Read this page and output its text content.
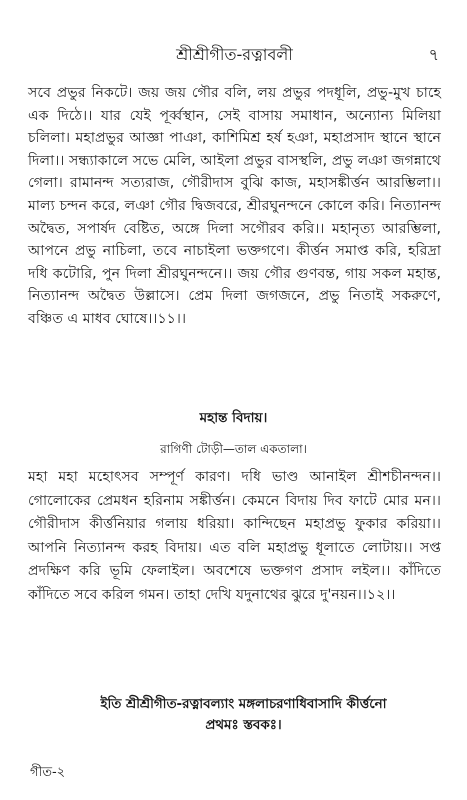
শ্রীশ্রীগীত-রত্নাবলী	৭
সবে প্রভুর নিকটে। জয় জয় গৌর বলি, লয় প্রভুর পদধূলি, প্রভু-মুখ চাহে এক দিঠে।। যার যেই পূর্ব্বস্থান, সেই বাসায় সমাধান, অন্যোন্য মিলিয়া চলিলা। মহাপ্রভুর আজ্ঞা পাঞা, কাশিমিশ্র হর্ষ হঞা, মহাপ্রসাদ স্থানে স্থানে দিলা।। সন্ধ্যাকালে সভে মেলি, আইলা প্রভুর বাসস্থলি, প্রভু লঞা জগন্নাথে গেলা। রামানন্দ সত্যরাজ, গৌরীদাস বুঝি কাজ, মহাসঙ্কীর্ত্তন আরম্ভিলা।। মাল্য চন্দন করে, লঞা গৌর দ্বিজবরে, শ্রীরঘুনন্দনে কোলে করি। নিত্যানন্দ অদ্বৈত, সপার্ষদ বেষ্টিত, অঙ্গে দিলা সগৌরব করি।। মহানৃত্য আরম্ভিলা, আপনে প্রভু নাচিলা, তবে নাচাইলা ভক্তগণে। কীর্ত্তন সমাপ্ত করি, হরিদ্রা দধি কটোরি, পুন দিলা শ্রীরঘুনন্দনে।। জয় গৌর গুণবন্ত, গায় সকল মহান্ত, নিত্যানন্দ অদ্বৈত উল্লাসে। প্রেম দিলা জগজনে, প্রভু নিতাই সকরুণে, বঞ্চিত এ মাধব ঘোষে।।১১।।
মহান্ত বিদায়।
রাগিণী টোড়ী—তাল একতালা।
মহা মহা মহোৎসব সম্পূর্ণ কারণ। দধি ভাণ্ড আনাইল শ্রীশচীনন্দন।। গোলোকের প্রেমধন হরিনাম সঙ্কীর্ত্তন। কেমনে বিদায় দিব ফাটে মোর মন।। গৌরীদাস কীর্ত্তনিয়ার গলায় ধরিয়া। কান্দিছেন মহাপ্রভু ফুকার করিয়া।। আপনি নিত্যানন্দ করহ বিদায়। এত বলি মহাপ্রভু ধূলাতে লোটায়।। সপ্ত প্রদক্ষিণ করি ভূমি ফেলাইল। অবশেষে ভক্তগণ প্রসাদ লইল।। কাঁদিতে কাঁদিতে সবে করিল গমন। তাহা দেখি যদুনাথের ঝুরে দু'নয়ন।।১২।।
ইতি শ্রীশ্রীগীত-রত্নাবল্যাং মঙ্গলাচরণাধিবাসাদি কীর্ত্তনো
প্রথমঃ স্তবকঃ।
গীত-২
